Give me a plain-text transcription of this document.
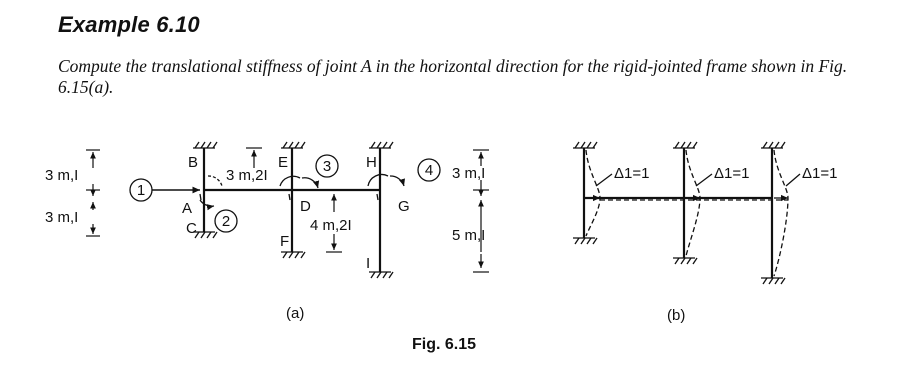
Example 6.10
Compute the translational stiffness of joint A in the horizontal direction for the rigid-jointed frame shown in Fig. 6.15(a).
1
2
3	4
B
A
C
E
D
F
H
G
I
3 m,I
3 m,I
3 m,2I
4 m,2I
3 m,I
5 m,I
(a)
Δ1=1	Δ1=1	Δ1=1
(b)
Fig. 6.15
